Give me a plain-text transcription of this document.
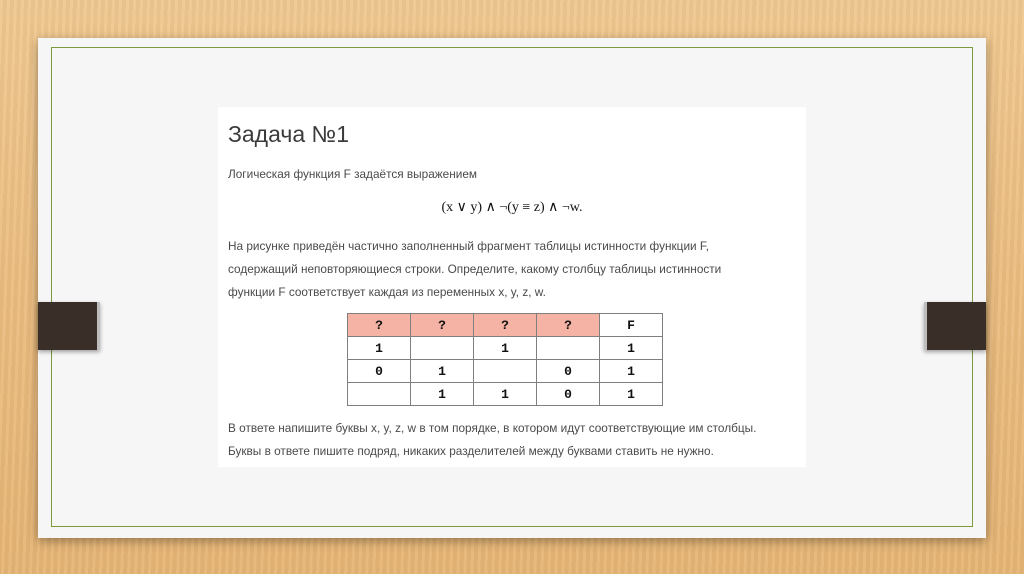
Задача №1

Логическая функция F задаётся выражением

(x ∨ y) ∧ ¬(y ≡ z) ∧ ¬w.

На рисунке приведён частично заполненный фрагмент таблицы истинности функции F,

содержащий неповторяющиеся строки. Определите, какому столбцу таблицы истинности

функции F соответствует каждая из переменных x, y, z, w.

?	?	?	?	F
1		1		1
0	1		0	1
	1	1	0	1

В ответе напишите буквы x, y, z, w в том порядке, в котором идут соответствующие им столбцы.

Буквы в ответе пишите подряд, никаких разделителей между буквами ставить не нужно.
